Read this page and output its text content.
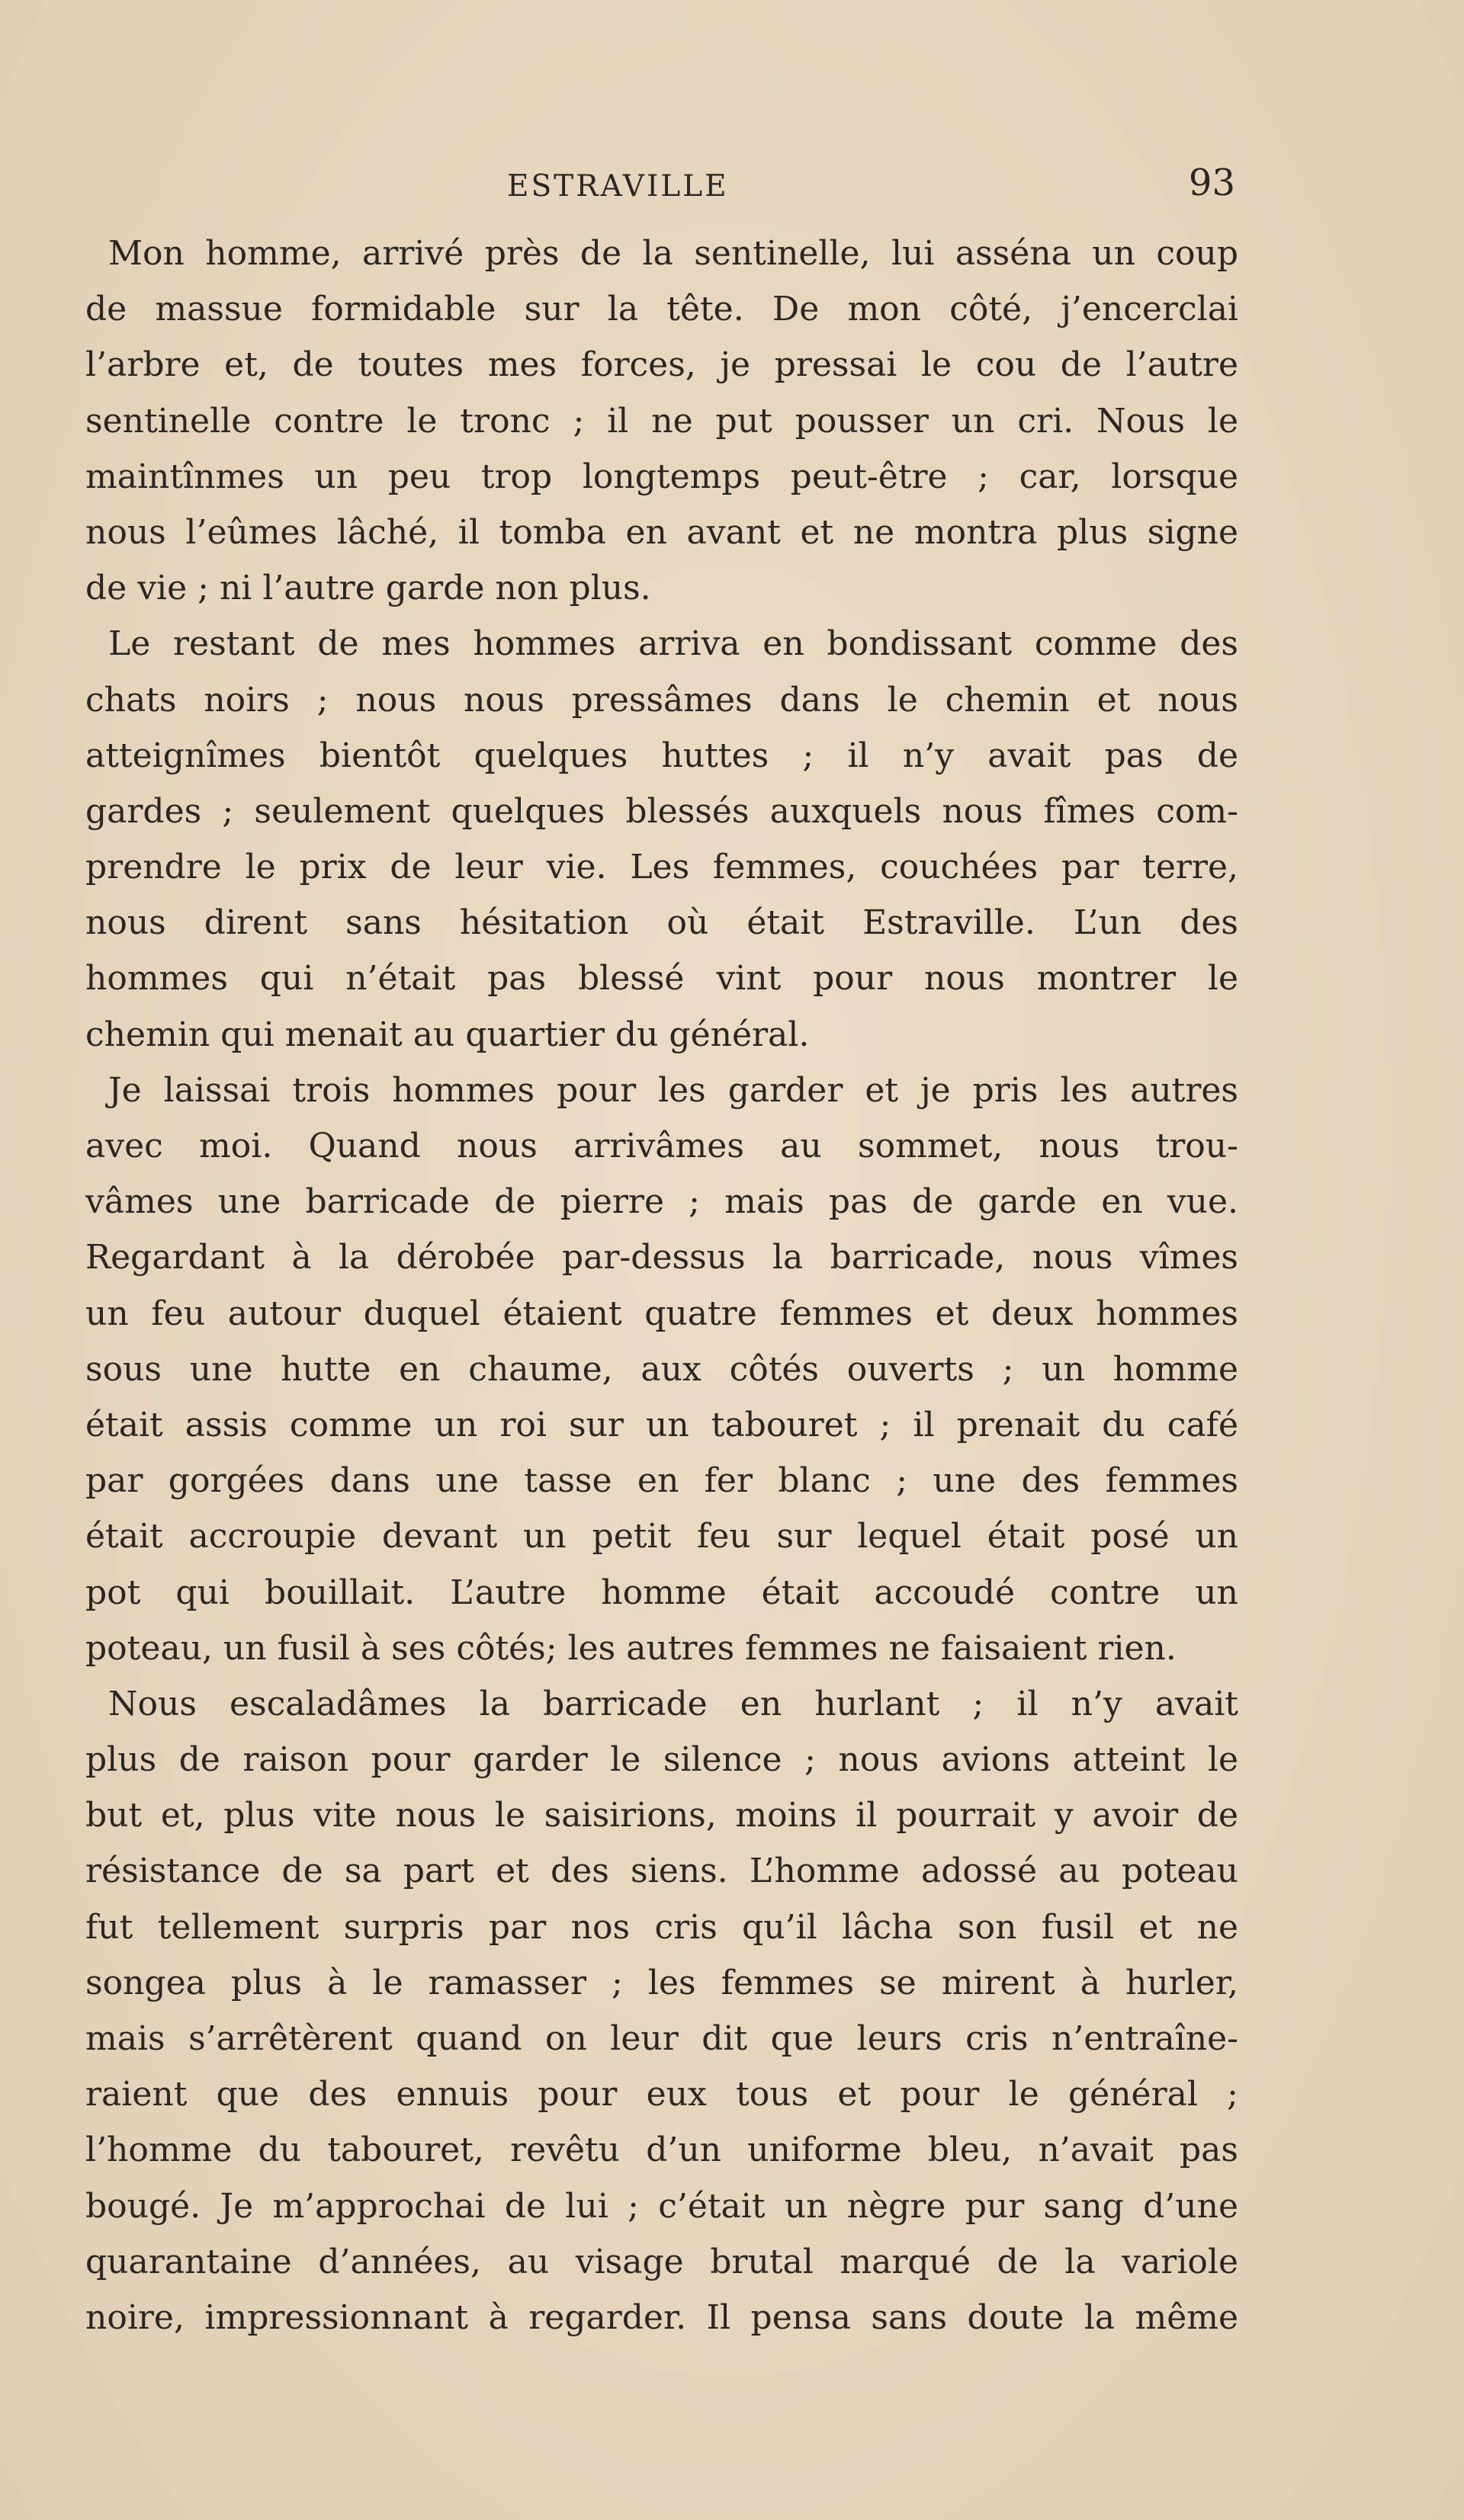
ESTRAVILLE	93
Mon homme, arrivé près de la sentinelle, lui asséna un coup
de massue formidable sur la tête. De mon côté, j’encerclai
l’arbre et, de toutes mes forces, je pressai le cou de l’autre
sentinelle contre le tronc ; il ne put pousser un cri. Nous le
maintînmes un peu trop longtemps peut-être ; car, lorsque
nous l’eûmes lâché, il tomba en avant et ne montra plus signe
de vie ; ni l’autre garde non plus.
Le restant de mes hommes arriva en bondissant comme des
chats noirs ; nous nous pressâmes dans le chemin et nous
atteignîmes bientôt quelques huttes ; il n’y avait pas de
gardes ; seulement quelques blessés auxquels nous fîmes com-
prendre le prix de leur vie. Les femmes, couchées par terre,
nous dirent sans hésitation où était Estraville. L’un des
hommes qui n’était pas blessé vint pour nous montrer le
chemin qui menait au quartier du général.
Je laissai trois hommes pour les garder et je pris les autres
avec moi. Quand nous arrivâmes au sommet, nous trou-
vâmes une barricade de pierre ; mais pas de garde en vue.
Regardant à la dérobée par-dessus la barricade, nous vîmes
un feu autour duquel étaient quatre femmes et deux hommes
sous une hutte en chaume, aux côtés ouverts ; un homme
était assis comme un roi sur un tabouret ; il prenait du café
par gorgées dans une tasse en fer blanc ; une des femmes
était accroupie devant un petit feu sur lequel était posé un
pot qui bouillait. L’autre homme était accoudé contre un
poteau, un fusil à ses côtés; les autres femmes ne faisaient rien.
Nous escaladâmes la barricade en hurlant ; il n’y avait
plus de raison pour garder le silence ; nous avions atteint le
but et, plus vite nous le saisirions, moins il pourrait y avoir de
résistance de sa part et des siens. L’homme adossé au poteau
fut tellement surpris par nos cris qu’il lâcha son fusil et ne
songea plus à le ramasser ; les femmes se mirent à hurler,
mais s’arrêtèrent quand on leur dit que leurs cris n’entraîne-
raient que des ennuis pour eux tous et pour le général ;
l’homme du tabouret, revêtu d’un uniforme bleu, n’avait pas
bougé. Je m’approchai de lui ; c’était un nègre pur sang d’une
quarantaine d’années, au visage brutal marqué de la variole
noire, impressionnant à regarder. Il pensa sans doute la même
